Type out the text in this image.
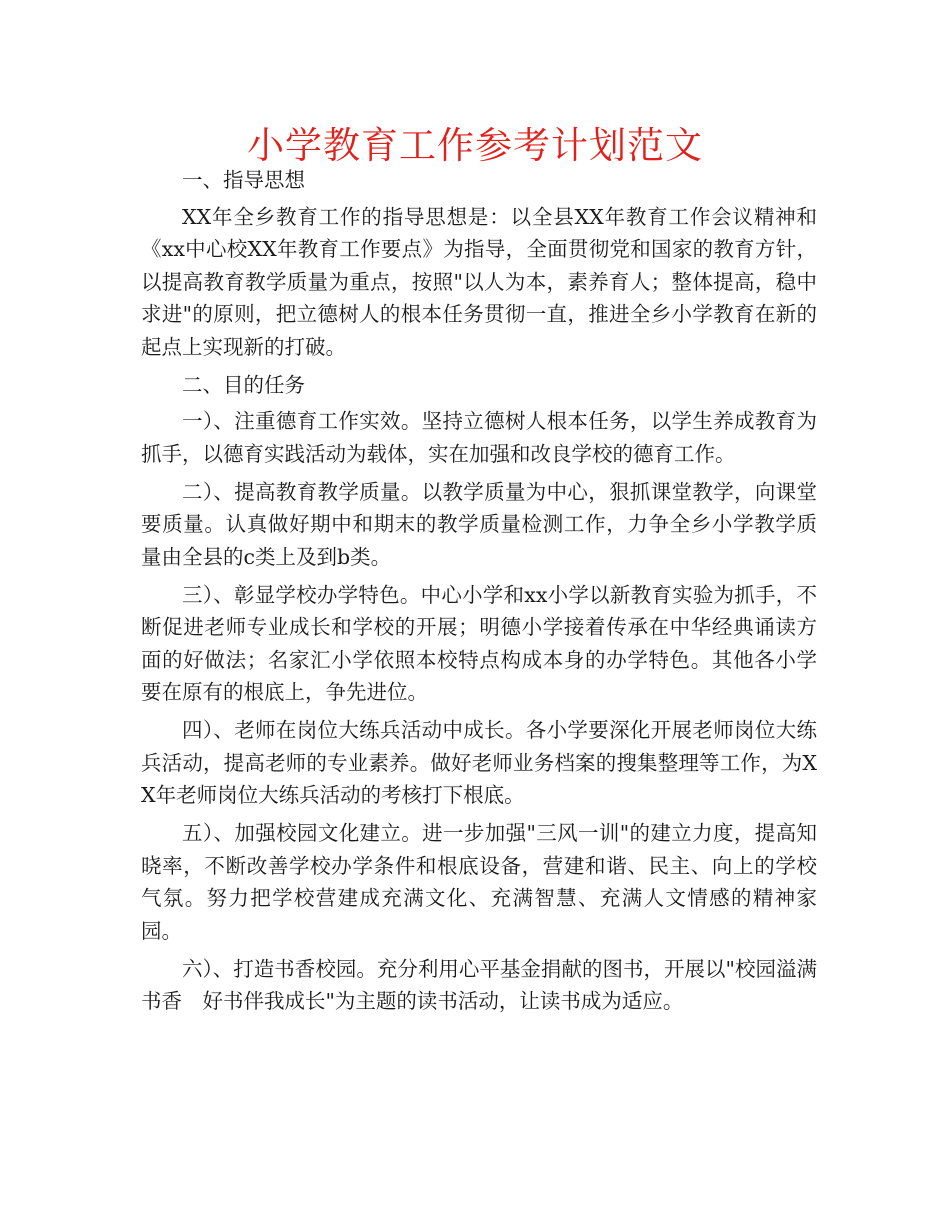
小学教育工作参考计划范文

一、指导思想

XX年全乡教育工作的指导思想是：以全县XX年教育工作会议精神和《xx中心校XX年教育工作要点》为指导，全面贯彻党和国家的教育方针，以提高教育教学质量为重点，按照"以人为本，素养育人；整体提高，稳中求进"的原则，把立德树人的根本任务贯彻一直，推进全乡小学教育在新的起点上实现新的打破。

二、目的任务

一）、注重德育工作实效。坚持立德树人根本任务，以学生养成教育为抓手，以德育实践活动为载体，实在加强和改良学校的德育工作。

二）、提高教育教学质量。以教学质量为中心，狠抓课堂教学，向课堂要质量。认真做好期中和期末的教学质量检测工作，力争全乡小学教学质量由全县的c类上及到b类。

三）、彰显学校办学特色。中心小学和xx小学以新教育实验为抓手，不断促进老师专业成长和学校的开展；明德小学接着传承在中华经典诵读方面的好做法；名家汇小学依照本校特点构成本身的办学特色。其他各小学要在原有的根底上，争先进位。

四）、老师在岗位大练兵活动中成长。各小学要深化开展老师岗位大练兵活动，提高老师的专业素养。做好老师业务档案的搜集整理等工作，为XX年老师岗位大练兵活动的考核打下根底。

五）、加强校园文化建立。进一步加强"三风一训"的建立力度，提高知晓率，不断改善学校办学条件和根底设备，营建和谐、民主、向上的学校气氛。努力把学校营建成充满文化、充满智慧、充满人文情感的精神家园。

六）、打造书香校园。充分利用心平基金捐献的图书，开展以"校园溢满书香　好书伴我成长"为主题的读书活动，让读书成为适应。
